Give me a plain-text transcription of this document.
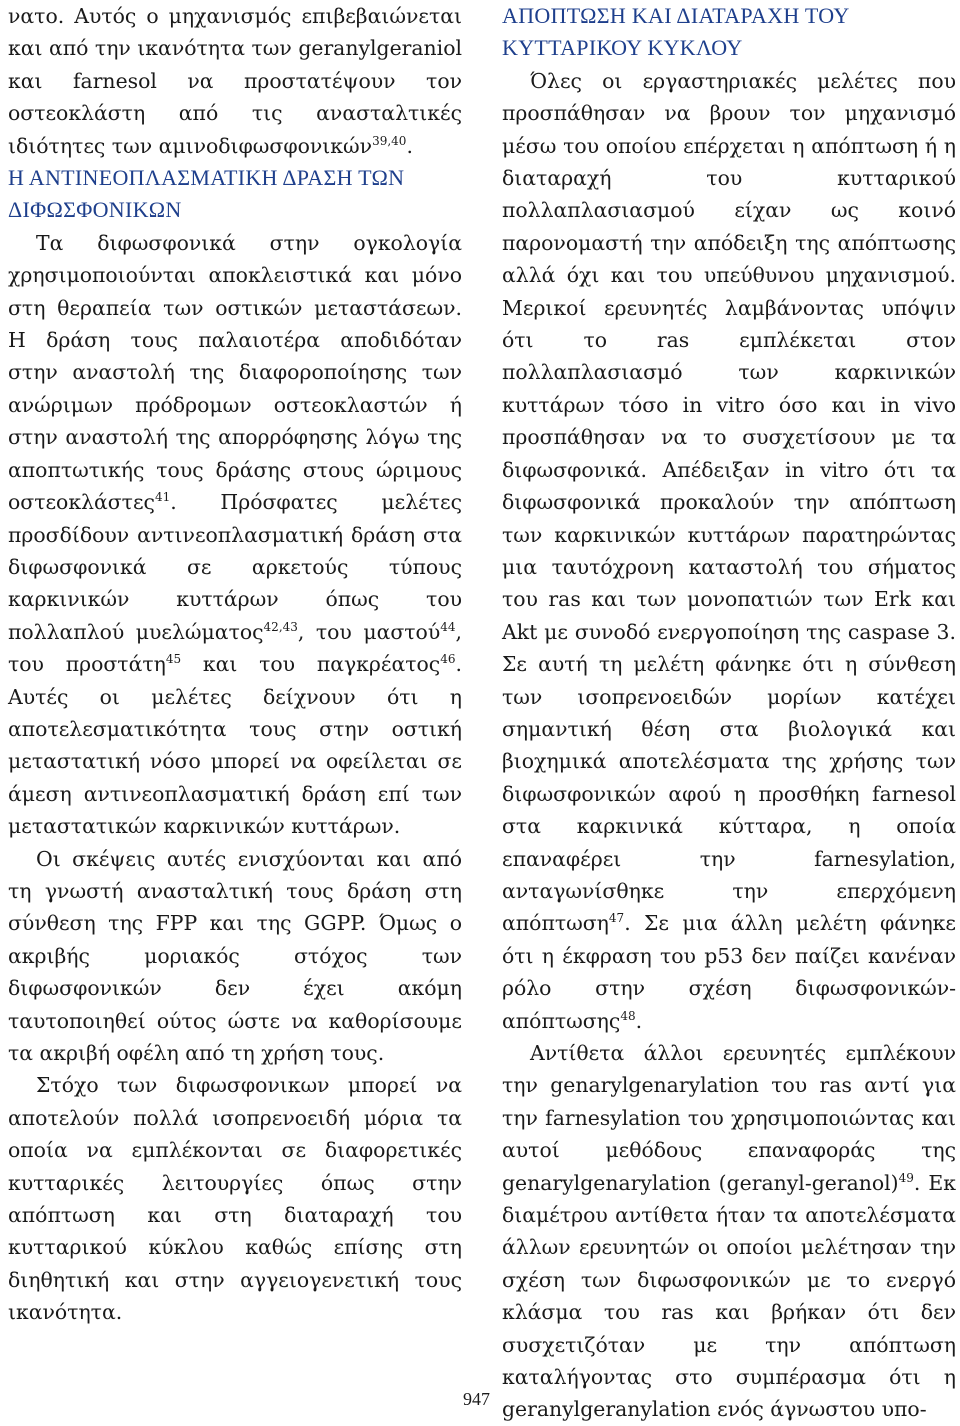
νατο. Αυτός ο μηχανισμός επιβεβαιώνεται και από την ικανότητα των geranylgeraniol και farnesol να προστατέψουν τον οστεοκλάστη από τις ανασταλτικές ιδιότητες των αμινοδιφωσφονικών$^{39,40}$.

Η ΑΝΤΙΝΕΟΠΛΑΣΜΑΤΙΚΗ ΔΡΑΣΗ ΤΩΝ ΔΙΦΩΣΦΟΝΙΚΩΝ

Τα διφωσφονικά στην ογκολογία χρησιμοποιούνται αποκλειστικά και μόνο στη θεραπεία των οστικών μεταστάσεων. Η δράση τους παλαιοτέρα αποδιδόταν στην αναστολή της διαφοροποίησης των ανώριμων πρόδρομων οστεοκλαστών ή στην αναστολή της απορρόφησης λόγω της αποπτωτικής τους δράσης στους ώριμους οστεοκλάστες$^{41}$. Πρόσφατες μελέτες προσδίδουν αντινεοπλασματική δράση στα διφωσφονικά σε αρκετούς τύπους καρκινικών κυττάρων όπως του πολλαπλού μυελώματος$^{42,43}$, του μαστού$^{44}$, του προστάτη$^{45}$ και του παγκρέατος$^{46}$. Αυτές οι μελέτες δείχνουν ότι η αποτελεσματικότητα τους στην οστική μεταστατική νόσο μπορεί να οφείλεται σε άμεση αντινεοπλασματική δράση επί των μεταστατικών καρκινικών κυττάρων.

Οι σκέψεις αυτές ενισχύονται και από τη γνωστή ανασταλτική τους δράση στη σύνθεση της FPP και της GGPP. Όμως ο ακριβής μοριακός στόχος των διφωσφονικών δεν έχει ακόμη ταυτοποιηθεί ούτος ώστε να καθορίσουμε τα ακριβή οφέλη από τη χρήση τους.

Στόχο των διφωσφονικων μπορεί να αποτελούν πολλά ισοπρενοειδή μόρια τα οποία να εμπλέκονται σε διαφορετικές κυτταρικές λειτουργίες όπως στην απόπτωση και στη διαταραχή του κυτταρικού κύκλου καθώς επίσης στη διηθητική και στην αγγειογενετική τους ικανότητα.

ΑΠΟΠΤΩΣΗ ΚΑΙ ΔΙΑΤΑΡΑΧΗ ΤΟΥ ΚΥΤΤΑΡΙΚΟΥ ΚΥΚΛΟΥ

Όλες οι εργαστηριακές μελέτες που προσπάθησαν να βρουν τον μηχανισμό μέσω του οποίου επέρχεται η απόπτωση ή η διαταραχή του κυτταρικού πολλαπλασιασμού είχαν ως κοινό παρονομαστή την απόδειξη της απόπτωσης αλλά όχι και του υπεύθυνου μηχανισμού. Μερικοί ερευνητές λαμβάνοντας υπόψιν ότι το ras εμπλέκεται στον πολλαπλασιασμό των καρκινικών κυττάρων τόσο in vitro όσο και in vivo προσπάθησαν να το συσχετίσουν με τα διφωσφονικά. Απέδειξαν in vitro ότι τα διφωσφονικά προκαλούν την απόπτωση των καρκινικών κυττάρων παρατηρώντας μια ταυτόχρονη καταστολή του σήματος του ras και των μονοπατιών των Erk και Akt με συνοδό ενεργοποίηση της caspase 3. Σε αυτή τη μελέτη φάνηκε ότι η σύνθεση των ισοπρενοειδών μορίων κατέχει σημαντική θέση στα βιολογικά και βιοχημικά αποτελέσματα της χρήσης των διφωσφονικών αφού η προσθήκη farnesol στα καρκινικά κύτταρα, η οποία επαναφέρει την farnesylation, ανταγωνίσθηκε την επερχόμενη απόπτωση$^{47}$. Σε μια άλλη μελέτη φάνηκε ότι η έκφραση του p53 δεν παίζει κανέναν ρόλο στην σχέση διφωσφονικών-απόπτωσης$^{48}$.

Αντίθετα άλλοι ερευνητές εμπλέκουν την genarylgenarylation του ras αντί για την farnesylation του χρησιμοποιώντας και αυτοί μεθόδους επαναφοράς της genarylgenarylation (geranyl-geranol)$^{49}$. Εκ διαμέτρου αντίθετα ήταν τα αποτελέσματα άλλων ερευνητών οι οποίοι μελέτησαν την σχέση των διφωσφονικών με το ενεργό κλάσμα του ras και βρήκαν ότι δεν συσχετιζόταν με την απόπτωση καταλήγοντας στο συμπέρασμα ότι η geranylgeranylation ενός άγνωστου υπο-

947
